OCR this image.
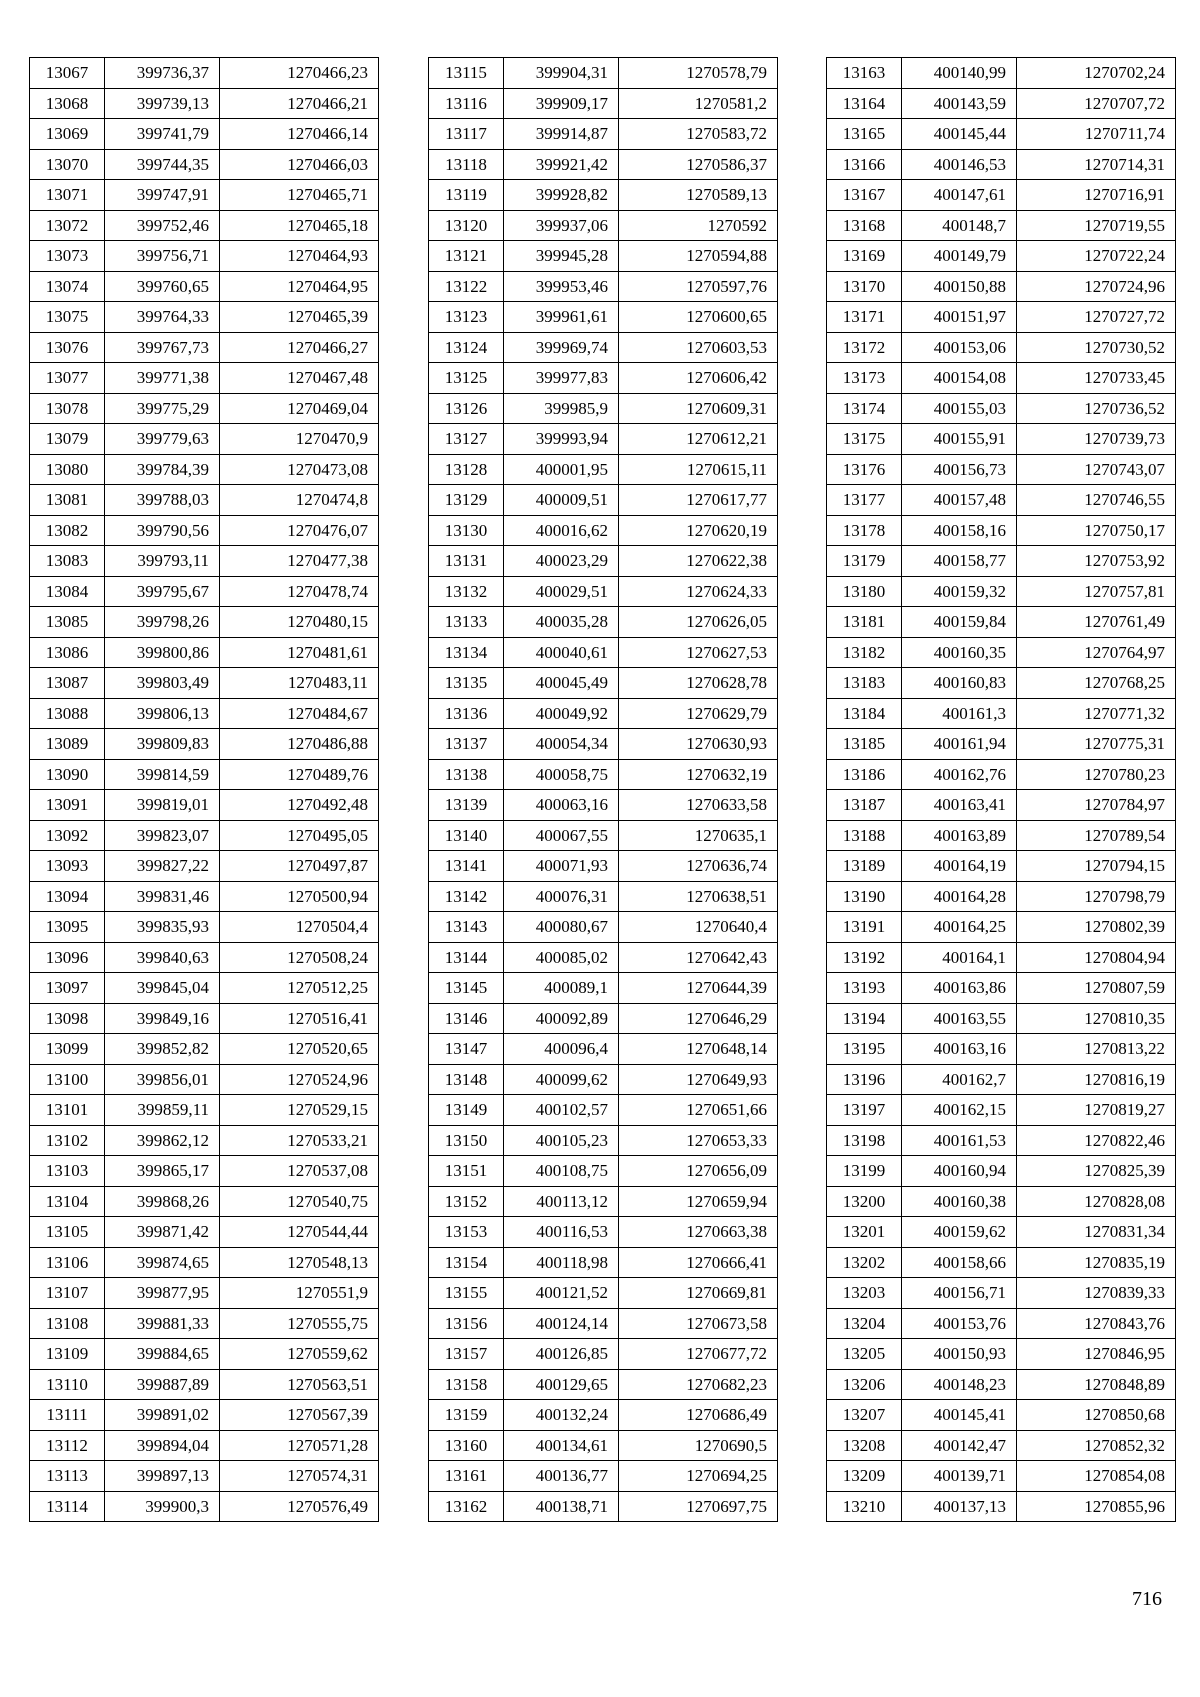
13067	399736,37	1270466,23
13068	399739,13	1270466,21
13069	399741,79	1270466,14
13070	399744,35	1270466,03
13071	399747,91	1270465,71
13072	399752,46	1270465,18
13073	399756,71	1270464,93
13074	399760,65	1270464,95
13075	399764,33	1270465,39
13076	399767,73	1270466,27
13077	399771,38	1270467,48
13078	399775,29	1270469,04
13079	399779,63	1270470,9
13080	399784,39	1270473,08
13081	399788,03	1270474,8
13082	399790,56	1270476,07
13083	399793,11	1270477,38
13084	399795,67	1270478,74
13085	399798,26	1270480,15
13086	399800,86	1270481,61
13087	399803,49	1270483,11
13088	399806,13	1270484,67
13089	399809,83	1270486,88
13090	399814,59	1270489,76
13091	399819,01	1270492,48
13092	399823,07	1270495,05
13093	399827,22	1270497,87
13094	399831,46	1270500,94
13095	399835,93	1270504,4
13096	399840,63	1270508,24
13097	399845,04	1270512,25
13098	399849,16	1270516,41
13099	399852,82	1270520,65
13100	399856,01	1270524,96
13101	399859,11	1270529,15
13102	399862,12	1270533,21
13103	399865,17	1270537,08
13104	399868,26	1270540,75
13105	399871,42	1270544,44
13106	399874,65	1270548,13
13107	399877,95	1270551,9
13108	399881,33	1270555,75
13109	399884,65	1270559,62
13110	399887,89	1270563,51
13111	399891,02	1270567,39
13112	399894,04	1270571,28
13113	399897,13	1270574,31
13114	399900,3	1270576,49
13115	399904,31	1270578,79
13116	399909,17	1270581,2
13117	399914,87	1270583,72
13118	399921,42	1270586,37
13119	399928,82	1270589,13
13120	399937,06	1270592
13121	399945,28	1270594,88
13122	399953,46	1270597,76
13123	399961,61	1270600,65
13124	399969,74	1270603,53
13125	399977,83	1270606,42
13126	399985,9	1270609,31
13127	399993,94	1270612,21
13128	400001,95	1270615,11
13129	400009,51	1270617,77
13130	400016,62	1270620,19
13131	400023,29	1270622,38
13132	400029,51	1270624,33
13133	400035,28	1270626,05
13134	400040,61	1270627,53
13135	400045,49	1270628,78
13136	400049,92	1270629,79
13137	400054,34	1270630,93
13138	400058,75	1270632,19
13139	400063,16	1270633,58
13140	400067,55	1270635,1
13141	400071,93	1270636,74
13142	400076,31	1270638,51
13143	400080,67	1270640,4
13144	400085,02	1270642,43
13145	400089,1	1270644,39
13146	400092,89	1270646,29
13147	400096,4	1270648,14
13148	400099,62	1270649,93
13149	400102,57	1270651,66
13150	400105,23	1270653,33
13151	400108,75	1270656,09
13152	400113,12	1270659,94
13153	400116,53	1270663,38
13154	400118,98	1270666,41
13155	400121,52	1270669,81
13156	400124,14	1270673,58
13157	400126,85	1270677,72
13158	400129,65	1270682,23
13159	400132,24	1270686,49
13160	400134,61	1270690,5
13161	400136,77	1270694,25
13162	400138,71	1270697,75
13163	400140,99	1270702,24
13164	400143,59	1270707,72
13165	400145,44	1270711,74
13166	400146,53	1270714,31
13167	400147,61	1270716,91
13168	400148,7	1270719,55
13169	400149,79	1270722,24
13170	400150,88	1270724,96
13171	400151,97	1270727,72
13172	400153,06	1270730,52
13173	400154,08	1270733,45
13174	400155,03	1270736,52
13175	400155,91	1270739,73
13176	400156,73	1270743,07
13177	400157,48	1270746,55
13178	400158,16	1270750,17
13179	400158,77	1270753,92
13180	400159,32	1270757,81
13181	400159,84	1270761,49
13182	400160,35	1270764,97
13183	400160,83	1270768,25
13184	400161,3	1270771,32
13185	400161,94	1270775,31
13186	400162,76	1270780,23
13187	400163,41	1270784,97
13188	400163,89	1270789,54
13189	400164,19	1270794,15
13190	400164,28	1270798,79
13191	400164,25	1270802,39
13192	400164,1	1270804,94
13193	400163,86	1270807,59
13194	400163,55	1270810,35
13195	400163,16	1270813,22
13196	400162,7	1270816,19
13197	400162,15	1270819,27
13198	400161,53	1270822,46
13199	400160,94	1270825,39
13200	400160,38	1270828,08
13201	400159,62	1270831,34
13202	400158,66	1270835,19
13203	400156,71	1270839,33
13204	400153,76	1270843,76
13205	400150,93	1270846,95
13206	400148,23	1270848,89
13207	400145,41	1270850,68
13208	400142,47	1270852,32
13209	400139,71	1270854,08
13210	400137,13	1270855,96
716
